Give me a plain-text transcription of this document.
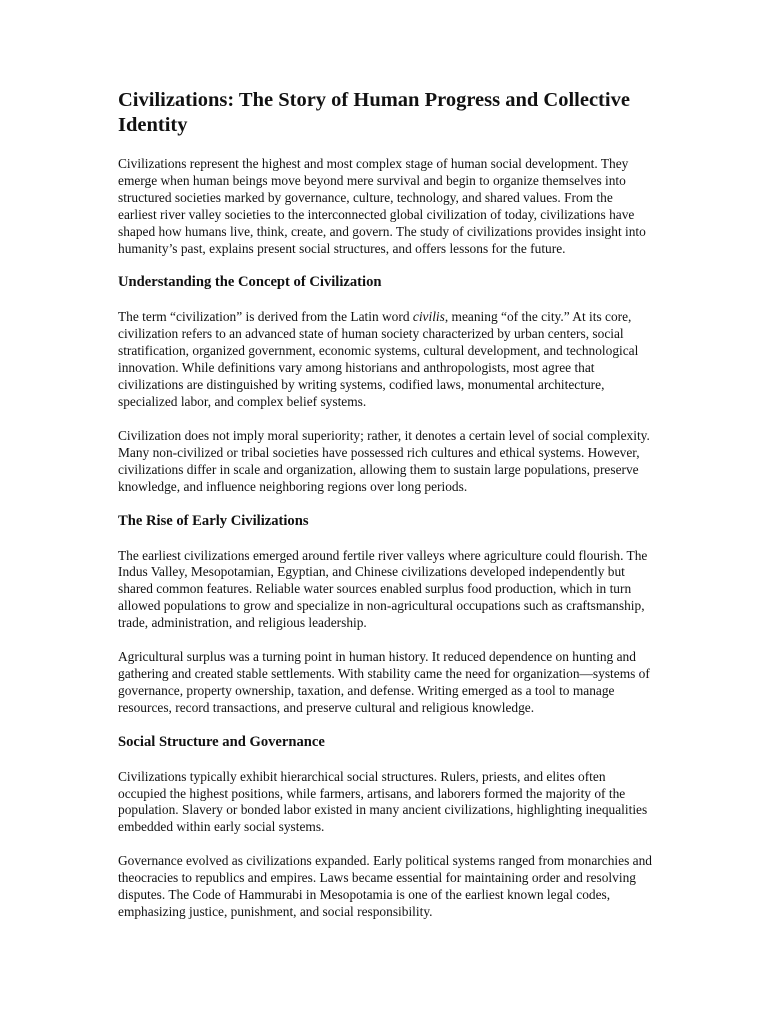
Civilizations: The Story of Human Progress and Collective Identity

Civilizations represent the highest and most complex stage of human social development. They emerge when human beings move beyond mere survival and begin to organize themselves into structured societies marked by governance, culture, technology, and shared values. From the earliest river valley societies to the interconnected global civilization of today, civilizations have shaped how humans live, think, create, and govern. The study of civilizations provides insight into humanity’s past, explains present social structures, and offers lessons for the future.

Understanding the Concept of Civilization

The term “civilization” is derived from the Latin word civilis, meaning “of the city.” At its core, civilization refers to an advanced state of human society characterized by urban centers, social stratification, organized government, economic systems, cultural development, and technological innovation. While definitions vary among historians and anthropologists, most agree that civilizations are distinguished by writing systems, codified laws, monumental architecture, specialized labor, and complex belief systems.

Civilization does not imply moral superiority; rather, it denotes a certain level of social complexity. Many non-civilized or tribal societies have possessed rich cultures and ethical systems. However, civilizations differ in scale and organization, allowing them to sustain large populations, preserve knowledge, and influence neighboring regions over long periods.

The Rise of Early Civilizations

The earliest civilizations emerged around fertile river valleys where agriculture could flourish. The Indus Valley, Mesopotamian, Egyptian, and Chinese civilizations developed independently but shared common features. Reliable water sources enabled surplus food production, which in turn allowed populations to grow and specialize in non-agricultural occupations such as craftsmanship, trade, administration, and religious leadership.

Agricultural surplus was a turning point in human history. It reduced dependence on hunting and gathering and created stable settlements. With stability came the need for organization—systems of governance, property ownership, taxation, and defense. Writing emerged as a tool to manage resources, record transactions, and preserve cultural and religious knowledge.

Social Structure and Governance

Civilizations typically exhibit hierarchical social structures. Rulers, priests, and elites often occupied the highest positions, while farmers, artisans, and laborers formed the majority of the population. Slavery or bonded labor existed in many ancient civilizations, highlighting inequalities embedded within early social systems.

Governance evolved as civilizations expanded. Early political systems ranged from monarchies and theocracies to republics and empires. Laws became essential for maintaining order and resolving disputes. The Code of Hammurabi in Mesopotamia is one of the earliest known legal codes, emphasizing justice, punishment, and social responsibility.
